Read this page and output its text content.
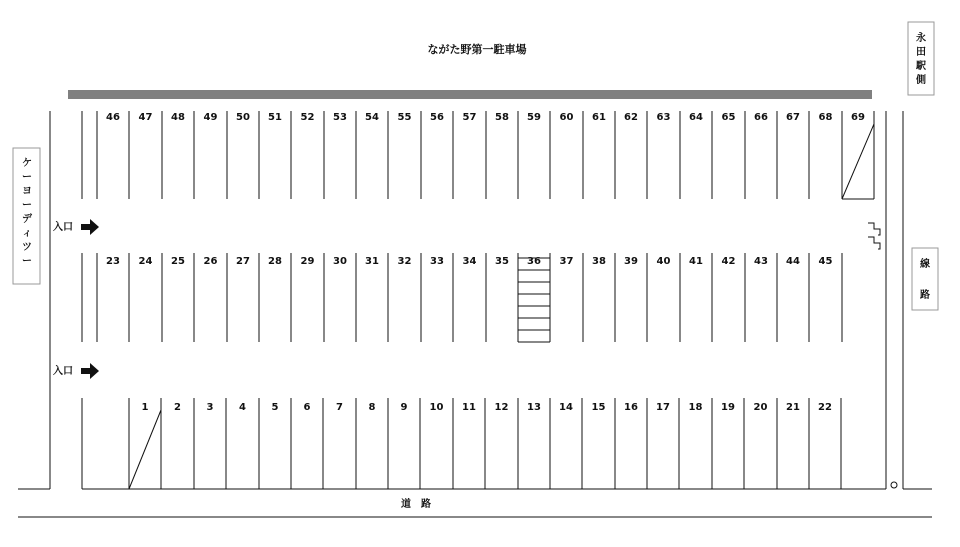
ながた野第一駐車場
道　路
永
田
駅
側
線
路
ケ
ー
ヨ
ー
デ
ィ
ツ
ー
入口
入口
46 47 48 49 50 51 52 53 54 55 56 57 58 59 60 61 62 63 64 65 66 67 68 69
23 24 25 26 27 28 29 30 31 32 33 34 35 36 37 38 39 40 41 42 43 44 45
1	2	3	4	5	6	7	8	9 10 11 12 13 14 15 16 17 18 19 20 21 22
